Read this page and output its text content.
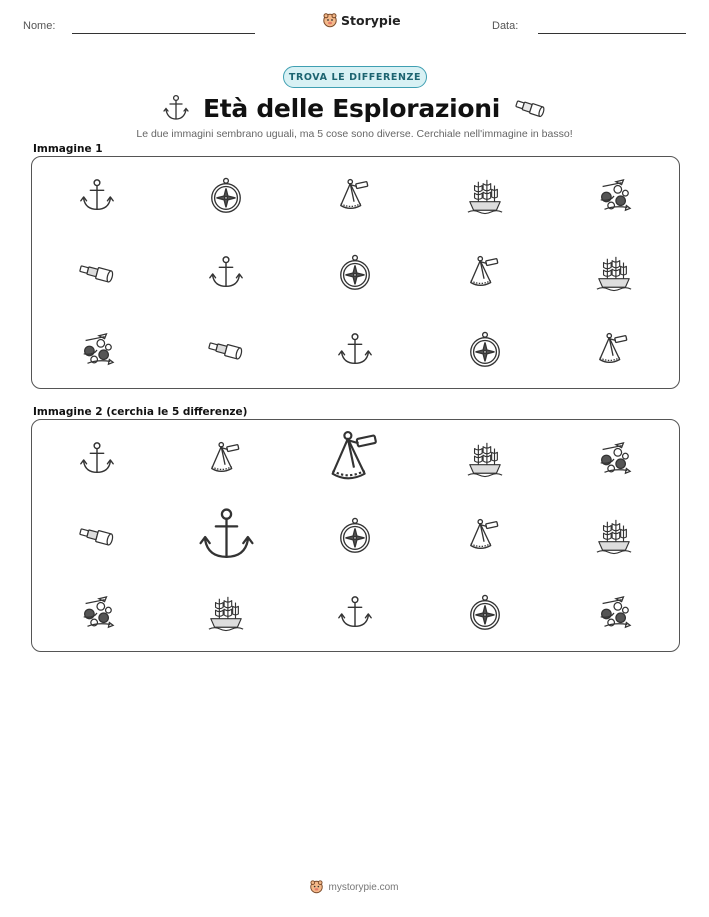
Nome:	Storypie	Data:
TROVA LE DIFFERENZE
Età delle Esplorazioni
Le due immagini sembrano uguali, ma 5 cose sono diverse. Cerchiale nell'immagine in basso!
Immagine 1
Immagine 2 (cerchia le 5 differenze)
mystorypie.com
